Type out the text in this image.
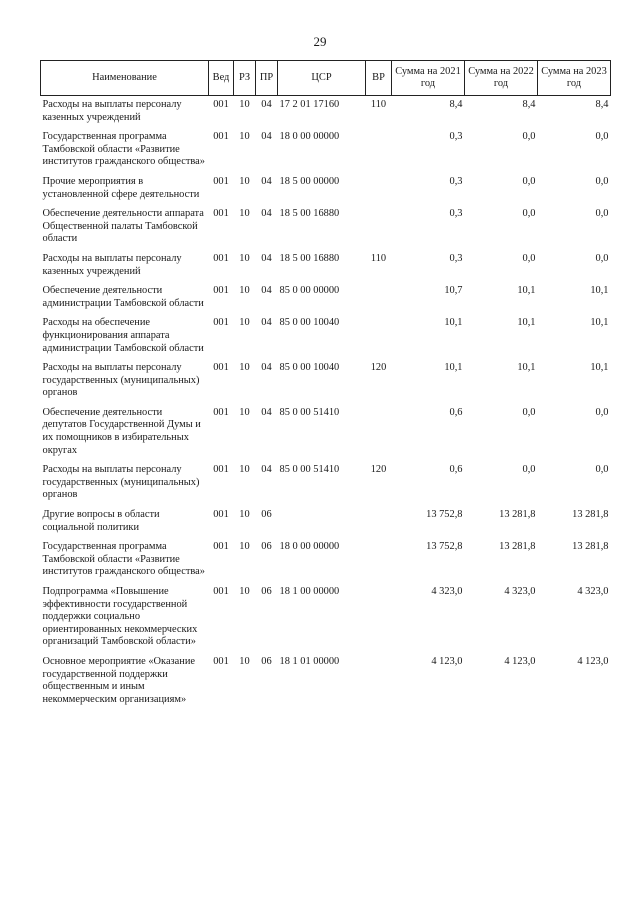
29
Наименование	Вед	РЗ	ПР	ЦСР	ВР	Сумма на 2021 год	Сумма на 2022 год	Сумма на 2023 год
Расходы на выплаты персоналу казенных учреждений	001	10	04	17 2 01 17160	110	8,4	8,4	8,4
Государственная программа Тамбовской области «Развитие институтов гражданского общества»	001	10	04	18 0 00 00000		0,3	0,0	0,0
Прочие мероприятия в установленной сфере деятельности	001	10	04	18 5 00 00000		0,3	0,0	0,0
Обеспечение деятельности аппарата Общественной палаты Тамбовской области	001	10	04	18 5 00 16880		0,3	0,0	0,0
Расходы на выплаты персоналу казенных учреждений	001	10	04	18 5 00 16880	110	0,3	0,0	0,0
Обеспечение деятельности администрации Тамбовской области	001	10	04	85 0 00 00000		10,7	10,1	10,1
Расходы на обеспечение функционирования аппарата администрации Тамбовской области	001	10	04	85 0 00 10040		10,1	10,1	10,1
Расходы на выплаты персоналу государственных (муниципальных) органов	001	10	04	85 0 00 10040	120	10,1	10,1	10,1
Обеспечение деятельности депутатов Государственной Думы и их помощников в избирательных округах	001	10	04	85 0 00 51410		0,6	0,0	0,0
Расходы на выплаты персоналу государственных (муниципальных) органов	001	10	04	85 0 00 51410	120	0,6	0,0	0,0
Другие вопросы в области социальной политики	001	10	06			13 752,8	13 281,8	13 281,8
Государственная программа Тамбовской области «Развитие институтов гражданского общества»	001	10	06	18 0 00 00000		13 752,8	13 281,8	13 281,8
Подпрограмма «Повышение эффективности государственной поддержки социально ориентированных некоммерческих организаций Тамбовской области»	001	10	06	18 1 00 00000		4 323,0	4 323,0	4 323,0
Основное мероприятие «Оказание государственной поддержки общественным и иным некоммерческим организациям»	001	10	06	18 1 01 00000		4 123,0	4 123,0	4 123,0
